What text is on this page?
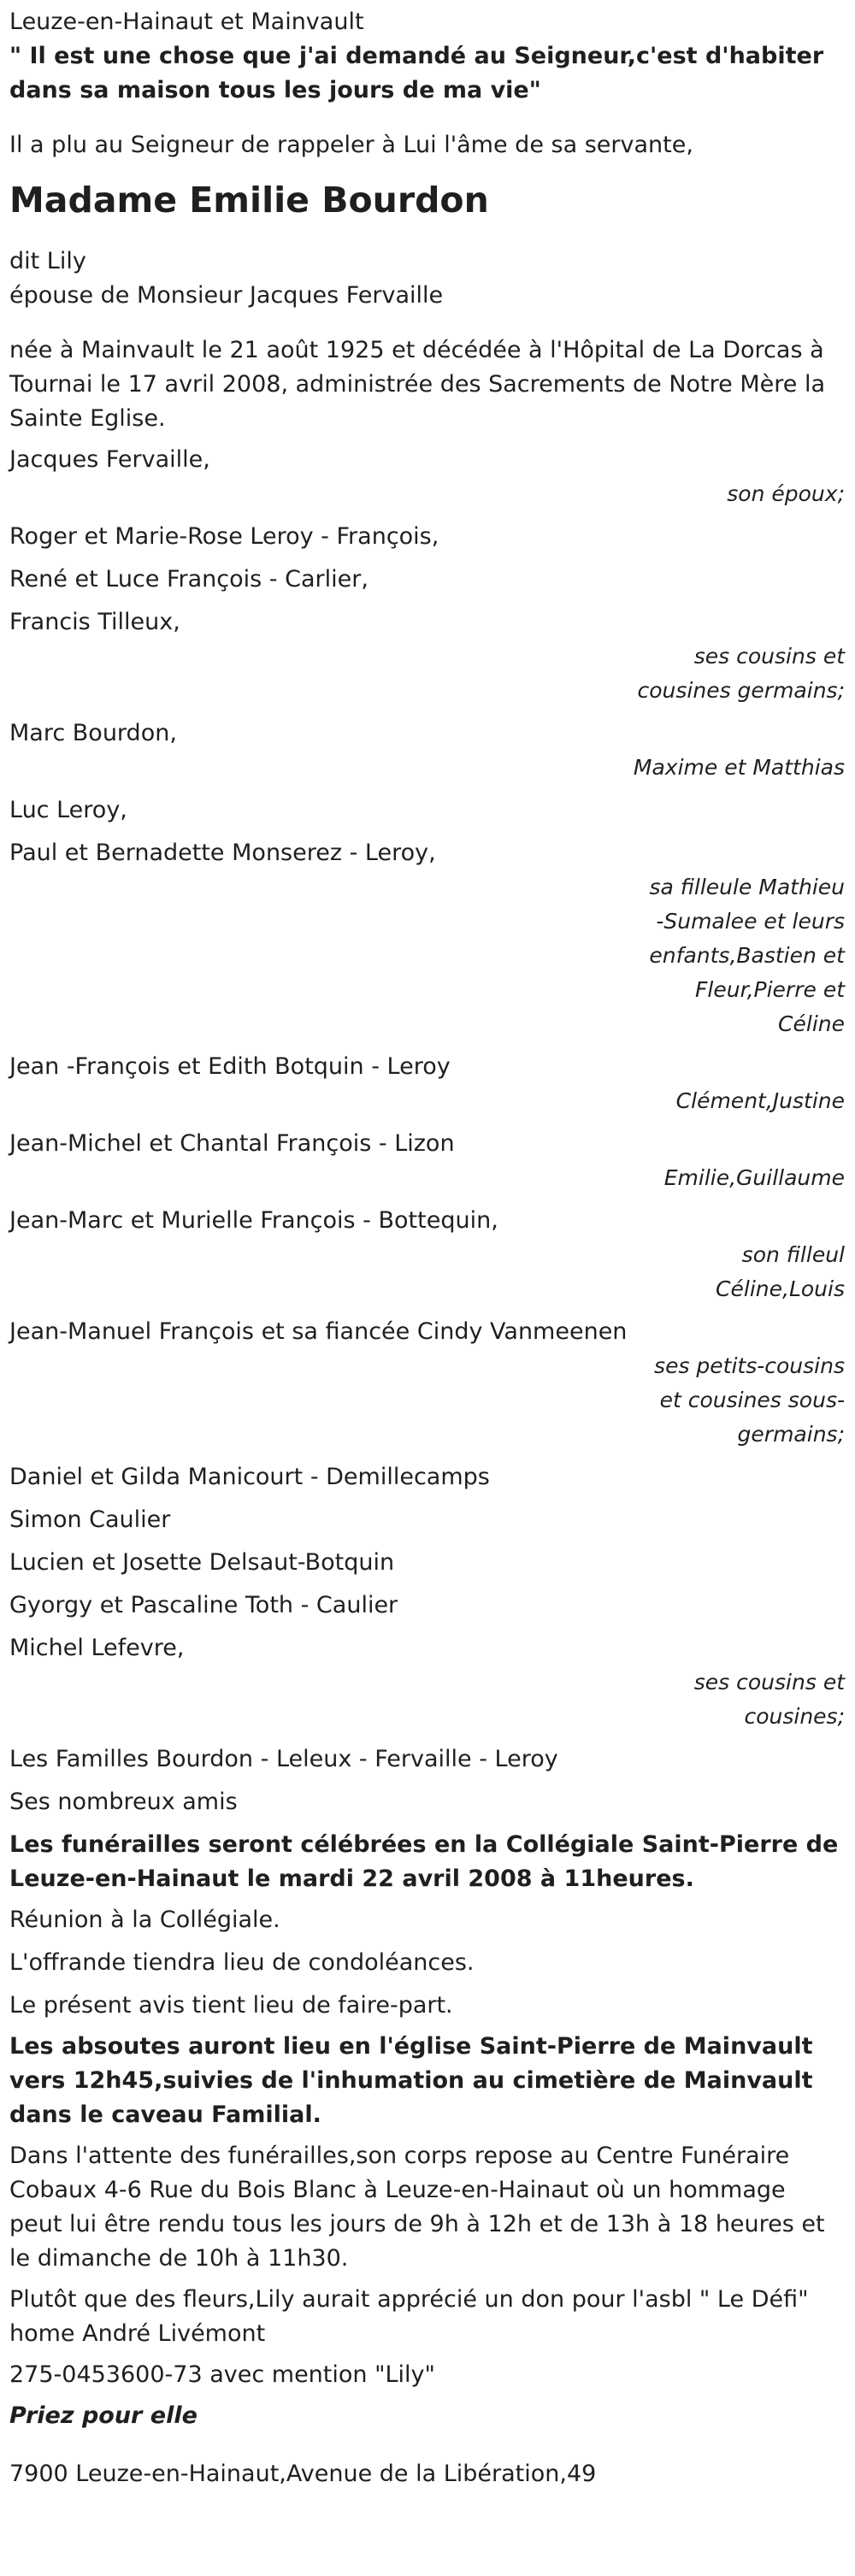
Leuze-en-Hainaut et Mainvault
" Il est une chose que j'ai demandé au Seigneur,c'est d'habiter dans sa maison tous les jours de ma vie"
Il a plu au Seigneur de rappeler à Lui l'âme de sa servante,
Madame Emilie Bourdon
dit Lily
épouse de Monsieur Jacques Fervaille
née à Mainvault le 21 août 1925 et décédée à l'Hôpital de La Dorcas à Tournai le 17 avril 2008, administrée des Sacrements de Notre Mère la Sainte Eglise.
Jacques Fervaille,
son époux;
Roger et Marie-Rose Leroy - François,
René et Luce François - Carlier,
Francis Tilleux,
ses cousins et cousines germains;
Marc Bourdon,
Maxime et Matthias
Luc Leroy,
Paul et Bernadette Monserez - Leroy,
sa filleule Mathieu -Sumalee et leurs enfants,Bastien et Fleur,Pierre et Céline
Jean -François et Edith Botquin - Leroy
Clément,Justine
Jean-Michel et Chantal François - Lizon
Emilie,Guillaume
Jean-Marc et Murielle François - Bottequin,
son filleul Céline,Louis
Jean-Manuel François et sa fiancée Cindy Vanmeenen
ses petits-cousins et cousines sous-germains;
Daniel et Gilda Manicourt - Demillecamps
Simon Caulier
Lucien et Josette Delsaut-Botquin
Gyorgy et Pascaline Toth - Caulier
Michel Lefevre,
ses cousins et cousines;
Les Familles Bourdon - Leleux - Fervaille - Leroy
Ses nombreux amis
Les funérailles seront célébrées en la Collégiale Saint-Pierre de Leuze-en-Hainaut le mardi 22 avril 2008 à 11heures.
Réunion à la Collégiale.
L'offrande tiendra lieu de condoléances.
Le présent avis tient lieu de faire-part.
Les absoutes auront lieu en l'église Saint-Pierre de Mainvault vers 12h45,suivies de l'inhumation au cimetière de Mainvault dans le caveau Familial.
Dans l'attente des funérailles,son corps repose au Centre Funéraire Cobaux 4-6 Rue du Bois Blanc à Leuze-en-Hainaut où un hommage peut lui être rendu tous les jours de 9h à 12h et de 13h à 18 heures et le dimanche de 10h à 11h30.
Plutôt que des fleurs,Lily aurait apprécié un don pour l'asbl " Le Défi" home André Livémont
275-0453600-73 avec mention "Lily"
Priez pour elle
7900 Leuze-en-Hainaut,Avenue de la Libération,49
